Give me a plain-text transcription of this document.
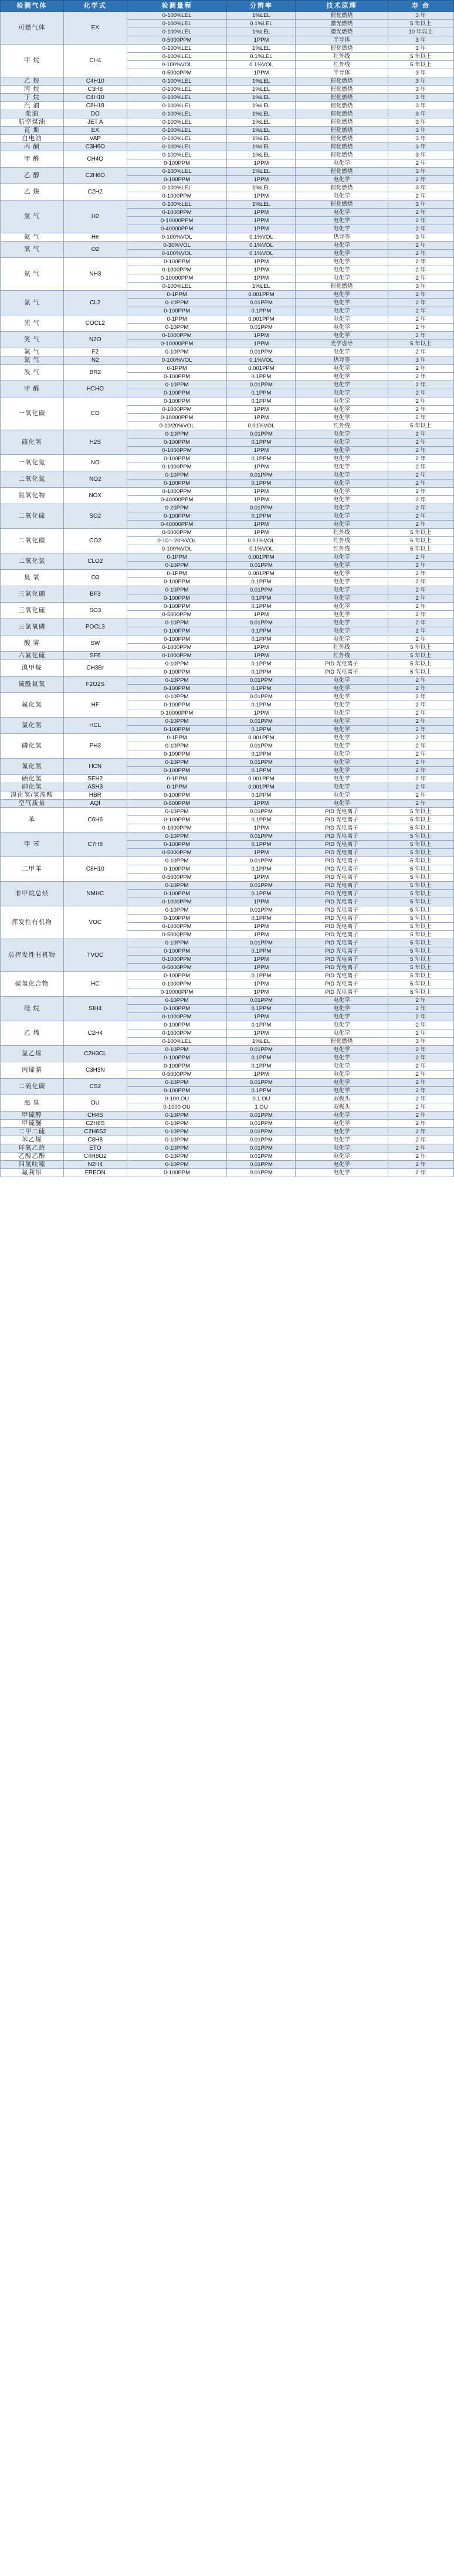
检测气体	化学式	检测量程	分辨率	技术原理	寿 命
可燃气体	EX	0-100%LEL	1%LEL	催化燃烧	3 年
		0-100%LEL	0.1%LEL	激光燃烧	5 年以上
		0-100%LEL	1%LEL	激光燃烧	10 年以上
		0-5000PPM	1PPM	半导体	3 年
甲 烷	CH4	0-100%LEL	1%LEL	催化燃烧	3 年
		0-100%LEL	0.1%LEL	红外线	5 年以上
		0-100%VOL	0.1%VOL	红外线	5 年以上
		0-5000PPM	1PPM	半导体	3 年
乙 烷	C4H10	0-100%LEL	1%LEL	催化燃烧	3 年
丙 烷	C3H8	0-100%LEL	1%LEL	催化燃烧	3 年
丁 烷	C4H10	0-100%LEL	1%LEL	催化燃烧	3 年
汽 油	C8H18	0-100%LEL	1%LEL	催化燃烧	3 年
柴油	DO	0-100%LEL	1%LEL	催化燃烧	3 年
航空煤油	JET A	0-100%LEL	1%LEL	催化燃烧	3 年
瓦 斯	EX	0-100%LEL	1%LEL	催化燃烧	3 年
白电油	VAP	0-100%LEL	1%LEL	催化燃烧	3 年
丙 酮	C3H6O	0-100%LEL	1%LEL	催化燃烧	3 年
甲 醛	CH4O	0-100%LEL	1%LEL	催化燃烧	3 年
		0-100PPM	1PPM	电化学	2 年
乙 醇	C2H6O	0-100%LEL	1%LEL	催化燃烧	3 年
		0-100PPM	1PPM	电化学	2 年
乙 炔	C2H2	0-100%LEL	1%LEL	催化燃烧	3 年
		0-1000PPM	1PPM	电化学	2 年
氢 气	H2	0-100%LEL	1%LEL	催化燃烧	3 年
		0-1000PPM	1PPM	电化学	2 年
		0-10000PPM	1PPM	电化学	2 年
		0-40000PPM	1PPM	电化学	2 年
氦 气	He	0-100%VOL	0.1%VOL	热导等	3 年
氧 气	O2	0-30%VOL	0.1%VOL	电化学	2 年
		0-100%VOL	0.1%VOL	电化学	2 年
氨 气	NH3	0-100PPM	1PPM	电化学	2 年
		0-1000PPM	1PPM	电化学	2 年
		0-10000PPM	1PPM	电化学	2 年
		0-100%LEL	1%LEL	催化燃烧	3 年
氯 气	CL2	0-1PPM	0.001PPM	电化学	2 年
		0-10PPM	0.01PPM	电化学	2 年
		0-100PPM	0.1PPM	电化学	2 年
光 气	COCL2	0-1PPM	0.001PPM	电化学	2 年
		0-10PPM	0.01PPM	电化学	2 年
笑 气	N2O	0-1000PPM	1PPM	电化学	2 年
		0-10000PPM	1PPM	光学虚导	5 年以上
氟 气	F2	0-10PPM	0.01PPM	电化学	2 年
氮 气	N2	0-100%VOL	0.1%VOL	热导等	3 年
溴 气	BR2	0-1PPM	0.001PPM	电化学	2 年
		0-100PPM	0.1PPM	电化学	2 年
甲 醛	HCHO	0-10PPM	0.01PPM	电化学	2 年
		0-100PPM	0.1PPM	电化学	2 年
一氧化碳	CO	0-100PPM	0.1PPM	电化学	2 年
		0-1000PPM	1PPM	电化学	2 年
		0-10000PPM	1PPM	电化学	2 年
		0-10/20%VOL	0.01%VOL	红外线	5 年以上
硫化氢	H2S	0-10PPM	0.01PPM	电化学	2 年
		0-100PPM	0.1PPM	电化学	2 年
		0-1000PPM	1PPM	电化学	2 年
一氧化氮	NO	0-100PPM	0.1PPM	电化学	2 年
		0-1000PPM	1PPM	电化学	2 年
二氧化氮	NO2	0-10PPM	0.01PPM	电化学	2 年
		0-100PPM	0.1PPM	电化学	2 年
氮氧化物	NOX	0-1000PPM	1PPM	电化学	2 年
		0-40000PPM	1PPM	电化学	2 年
二氧化硫	SO2	0-20PPM	0.01PPM	电化学	2 年
		0-100PPM	0.1PPM	电化学	2 年
		0-40000PPM	1PPM	电化学	2 年
二氧化碳	CO2	0-5000PPM	1PPM	红外线	5 年以上
		0-10～20%VOL	0.01%VOL	红外线	6 年以上
		0-100%VOL	0.1%VOL	红外线	5 年以上
二氧化氯	CLO2	0-1PPM	0.001PPM	电化学	2 年
		0-10PPM	0.01PPM	电化学	2 年
臭 氧	O3	0-1PPM	0.001PPM	电化学	2 年
		0-100PPM	0.1PPM	电化学	2 年
三氟化硼	BF3	0-10PPM	0.01PPM	电化学	2 年
		0-100PPM	0.1PPM	电化学	2 年
三氧化硫	SO3	0-100PPM	0.1PPM	电化学	2 年
		0-5000PPM	1PPM	电化学	2 年
三氯氧磷	POCL3	0-10PPM	0.01PPM	电化学	2 年
		0-100PPM	0.1PPM	电化学	2 年
酸 雾	SW	0-100PPM	0.1PPM	电化学	2 年
		0-1000PPM	1PPM	红外线	5 年以上
六氟化硫	SF6	0-1000PPM	1PPM	红外线	5 年以上
溴甲烷	CH3Br	0-10PPM	0.1PPM	PID 光电离子	5 年以上
		0-100PPM	0.1PPM	PID 光电离子	5 年以上
硫酰氟氧	F2O2S	0-10PPM	0.01PPM	电化学	2 年
		0-100PPM	0.1PPM	电化学	2 年
氟化氢	HF	0-10PPM	0.01PPM	电化学	2 年
		0-100PPM	0.1PPM	电化学	2 年
		0-10000PPM	1PPM	电化学	2 年
氯化氢	HCL	0-10PPM	0.01PPM	电化学	2 年
		0-100PPM	0.1PPM	电化学	2 年
磷化氢	PH3	0-1PPM	0.001PPM	电化学	2 年
		0-10PPM	0.01PPM	电化学	2 年
		0-100PPM	0.1PPM	电化学	2 年
氰化氢	HCN	0-10PPM	0.01PPM	电化学	2 年
		0-100PPM	0.1PPM	电化学	2 年
硒化氢	SEH2	0-1PPM	0.001PPM	电化学	2 年
砷化氢	ASH3	0-1PPM	0.001PPM	电化学	2 年
溴化氢/氢溴酸	HBR	0-100PPM	0.1PPM	电化学	2 年
空气质量	AQI	0-500PPM	1PPM	电化学	2 年
苯	C6H6	0-10PPM	0.01PPM	PID 光电离子	5 年以上
		0-100PPM	0.1PPM	PID 光电离子	5 年以上
		0-1000PPM	1PPM	PID 光电离子	5 年以上
甲 苯	C7H8	0-10PPM	0.01PPM	PID 光电离子	5 年以上
		0-100PPM	0.1PPM	PID 光电离子	5 年以上
		0-5000PPM	1PPM	PID 光电离子	5 年以上
二甲苯	C8H10	0-10PPM	0.01PPM	PID 光电离子	5 年以上
		0-100PPM	0.1PPM	PID 光电离子	5 年以上
		0-5000PPM	1PPM	PID 光电离子	5 年以上
非甲烷总烃	NMHC	0-10PPM	0.01PPM	PID 光电离子	5 年以上
		0-100PPM	0.1PPM	PID 光电离子	5 年以上
		0-1000PPM	1PPM	PID 光电离子	5 年以上
挥发性有机物	VOC	0-10PPM	0.01PPM	PID 光电离子	5 年以上
		0-100PPM	0.1PPM	PID 光电离子	5 年以上
		0-1000PPM	1PPM	PID 光电离子	5 年以上
		0-5000PPM	1PPM	PID 光电离子	5 年以上
总挥发性有机物	TVOC	0-10PPM	0.01PPM	PID 光电离子	5 年以上
		0-100PPM	0.1PPM	PID 光电离子	5 年以上
		0-1000PPM	1PPM	PID 光电离子	5 年以上
		0-5000PPM	1PPM	PID 光电离子	5 年以上
碳氢化合物	HC	0-100PPM	0.1PPM	PID 光电离子	5 年以上
		0-1000PPM	1PPM	PID 光电离子	5 年以上
		0-10000PPM	1PPM	PID 光电离子	5 年以上
硅 烷	SIH4	0-10PPM	0.01PPM	电化学	2 年
		0-100PPM	0.1PPM	电化学	2 年
		0-1000PPM	1PPM	电化学	2 年
乙 烯	C2H4	0-100PPM	0.1PPM	电化学	2 年
		0-1000PPM	1PPM	电化学	2 年
		0-100%LEL	1%LEL	催化燃烧	3 年
氯乙烯	C2H3CL	0-10PPM	0.01PPM	电化学	2 年
		0-100PPM	0.1PPM	电化学	2 年
丙烯腈	C3H3N	0-100PPM	0.1PPM	电化学	2 年
		0-5000PPM	1PPM	电化学	2 年
二硫化碳	CS2	0-10PPM	0.01PPM	电化学	2 年
		0-100PPM	0.1PPM	电化学	2 年
恶 臭	OU	0-100 OU	0.1 OU	双极头	2 年
		0-1000 OU	1 OU	双极头	2 年
甲硫醇	CH4S	0-10PPM	0.01PPM	电化学	2 年
甲硫醚	C2H6S	0-10PPM	0.01PPM	电化学	2 年
二甲二硫	C2H6S2	0-10PPM	0.01PPM	电化学	2 年
苯乙烯	C8H8	0-10PPM	0.01PPM	电化学	2 年
环氧乙烷	ETO	0-10PPM	0.01PPM	电化学	2 年
乙酸乙酯	C4H8O2	0-10PPM	0.01PPM	电化学	2 年
四氢呋喃	N2H4	0-10PPM	0.01PPM	电化学	2 年
氟利昂	FREON	0-100PPM	0.01PPM	电化学	2 年
